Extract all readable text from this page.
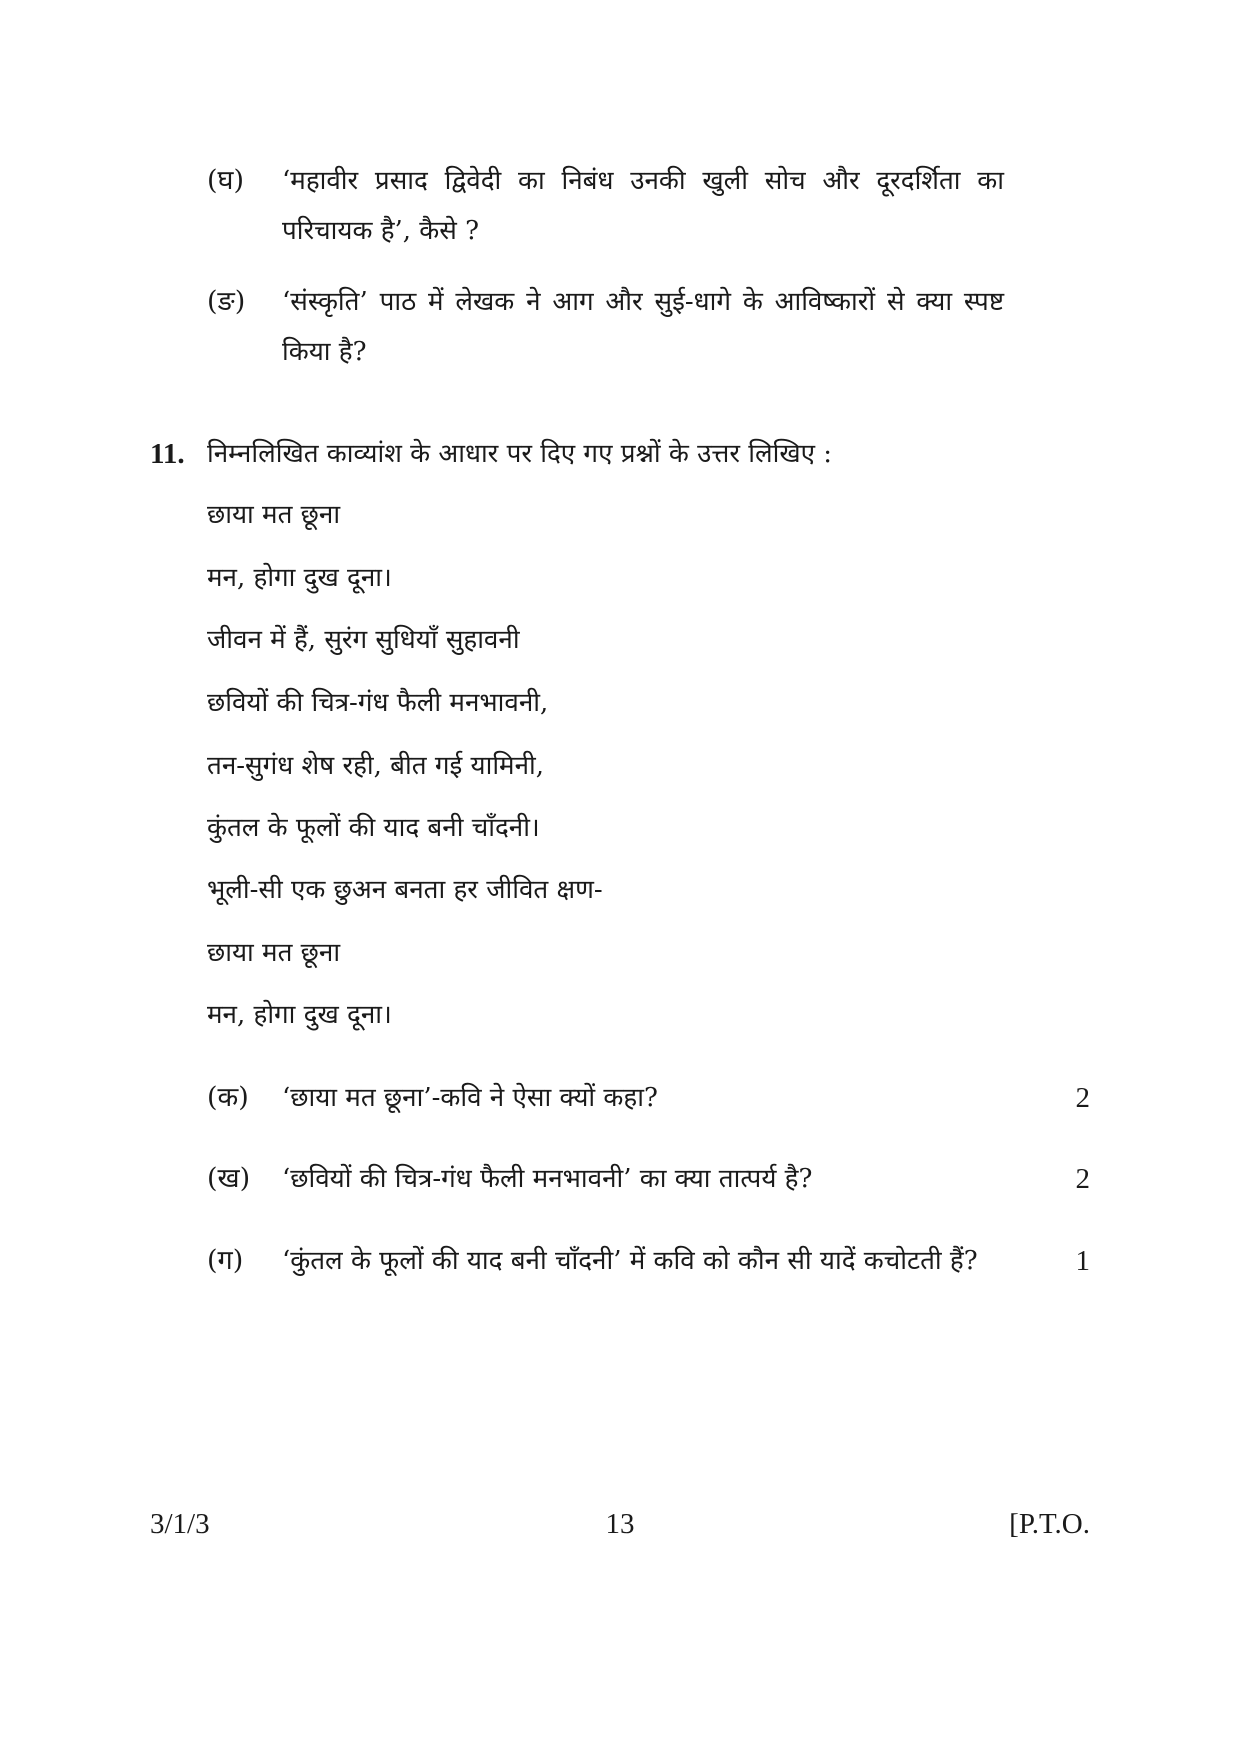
(घ) ‘महावीर प्रसाद द्विवेदी का निबंध उनकी खुली सोच और दूरदर्शिता का
परिचायक है’, कैसे ?
(ङ) ‘संस्कृति’ पाठ में लेखक ने आग और सुई-धागे के आविष्कारों से क्या स्पष्ट
किया है?
11. निम्नलिखित काव्यांश के आधार पर दिए गए प्रश्नों के उत्तर लिखिए :
छाया मत छूना
मन, होगा दुख दूना।
जीवन में हैं, सुरंग सुधियाँ सुहावनी
छवियों की चित्र-गंध फैली मनभावनी,
तन-सुगंध शेष रही, बीत गई यामिनी,
कुंतल के फूलों की याद बनी चाँदनी।
भूली-सी एक छुअन बनता हर जीवित क्षण-
छाया मत छूना
मन, होगा दुख दूना।
(क) ‘छाया मत छूना’-कवि ने ऐसा क्यों कहा?	2
(ख) ‘छवियों की चित्र-गंध फैली मनभावनी’ का क्या तात्पर्य है?	2
(ग) ‘कुंतल के फूलों की याद बनी चाँदनी’ में कवि को कौन सी यादें कचोटती हैं?	1
3/1/3	13	[P.T.O.
